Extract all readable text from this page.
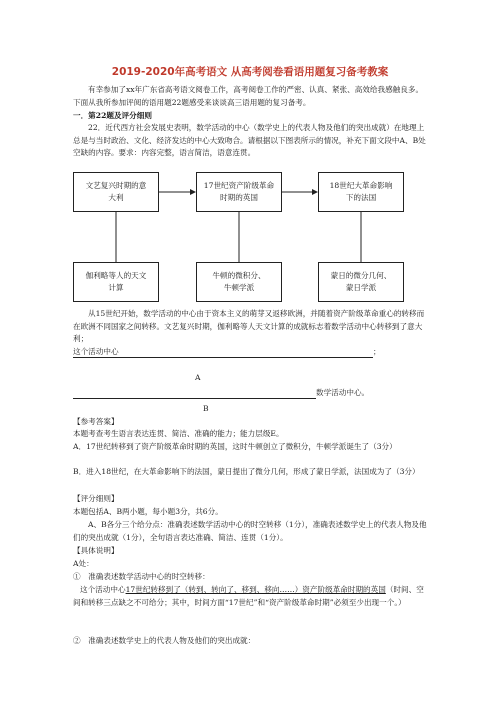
2019-2020年高考语文 从高考阅卷看语用题复习备考教案
有幸参加了xx年广东省高考语文阅卷工作，高考阅卷工作的严密、认真、紧张、高效给我感触良多。下面从我所参加评阅的语用题22题感受来谈谈高三语用题的复习备考。
一．第22题及评分细则
22．近代西方社会发展史表明，数学活动的中心（数学史上的代表人物及他们的突出成就）在地理上总是与当时政治、文化、经济发达的中心大致吻合。请根据以下图表所示的情况，补充下面文段中A、B处空缺的内容。要求：内容完整，语言简洁，语意连贯。
文艺复兴时期的意大利
17世纪资产阶级革命时期的英国
18世纪大革命影响下的法国
伽利略等人的天文计算
牛顿的微积分、牛顿学派
蒙日的微分几何、蒙日学派
从15世纪开始，数学活动的中心由于资本主义的萌芽又返移欧洲，并随着资产阶级革命重心的转移而在欧洲不同国家之间转移。文艺复兴时期，伽利略等人天文计算的成就标志着数学活动中心转移到了意大利；
这个活动中心	；
A
数学活动中心。
B
【参考答案】
本题考查考生语言表达连贯、简洁、准确的能力；能力层级E。
A．17世纪转移到了资产阶级革命时期的英国，这时牛顿创立了微积分，牛顿学派诞生了（3分）
B．进入18世纪，在大革命影响下的法国，蒙日提出了微分几何，形成了蒙日学派，法国成为了（3分）
【评分细则】
本题包括A、B两小题，每小题3分，共6分。
A、B各分三个给分点：准确表述数学活动中心的时空转移（1分），准确表述数学史上的代表人物及他们的突出成就（1分），全句语言表达准确、简洁、连贯（1分）。
【具体说明】
A处：
①　准确表述数学活动中心的时空转移：
这个活动中心17世纪转移到了（转到、转向了、移到、移向……）资产阶级革命时期的英国（时间、空间和转移三点缺之不可给分；其中，时间方面“17世纪”和“资产阶级革命时期”必须至少出现一个。）
②　准确表述数学史上的代表人物及他们的突出成就：
